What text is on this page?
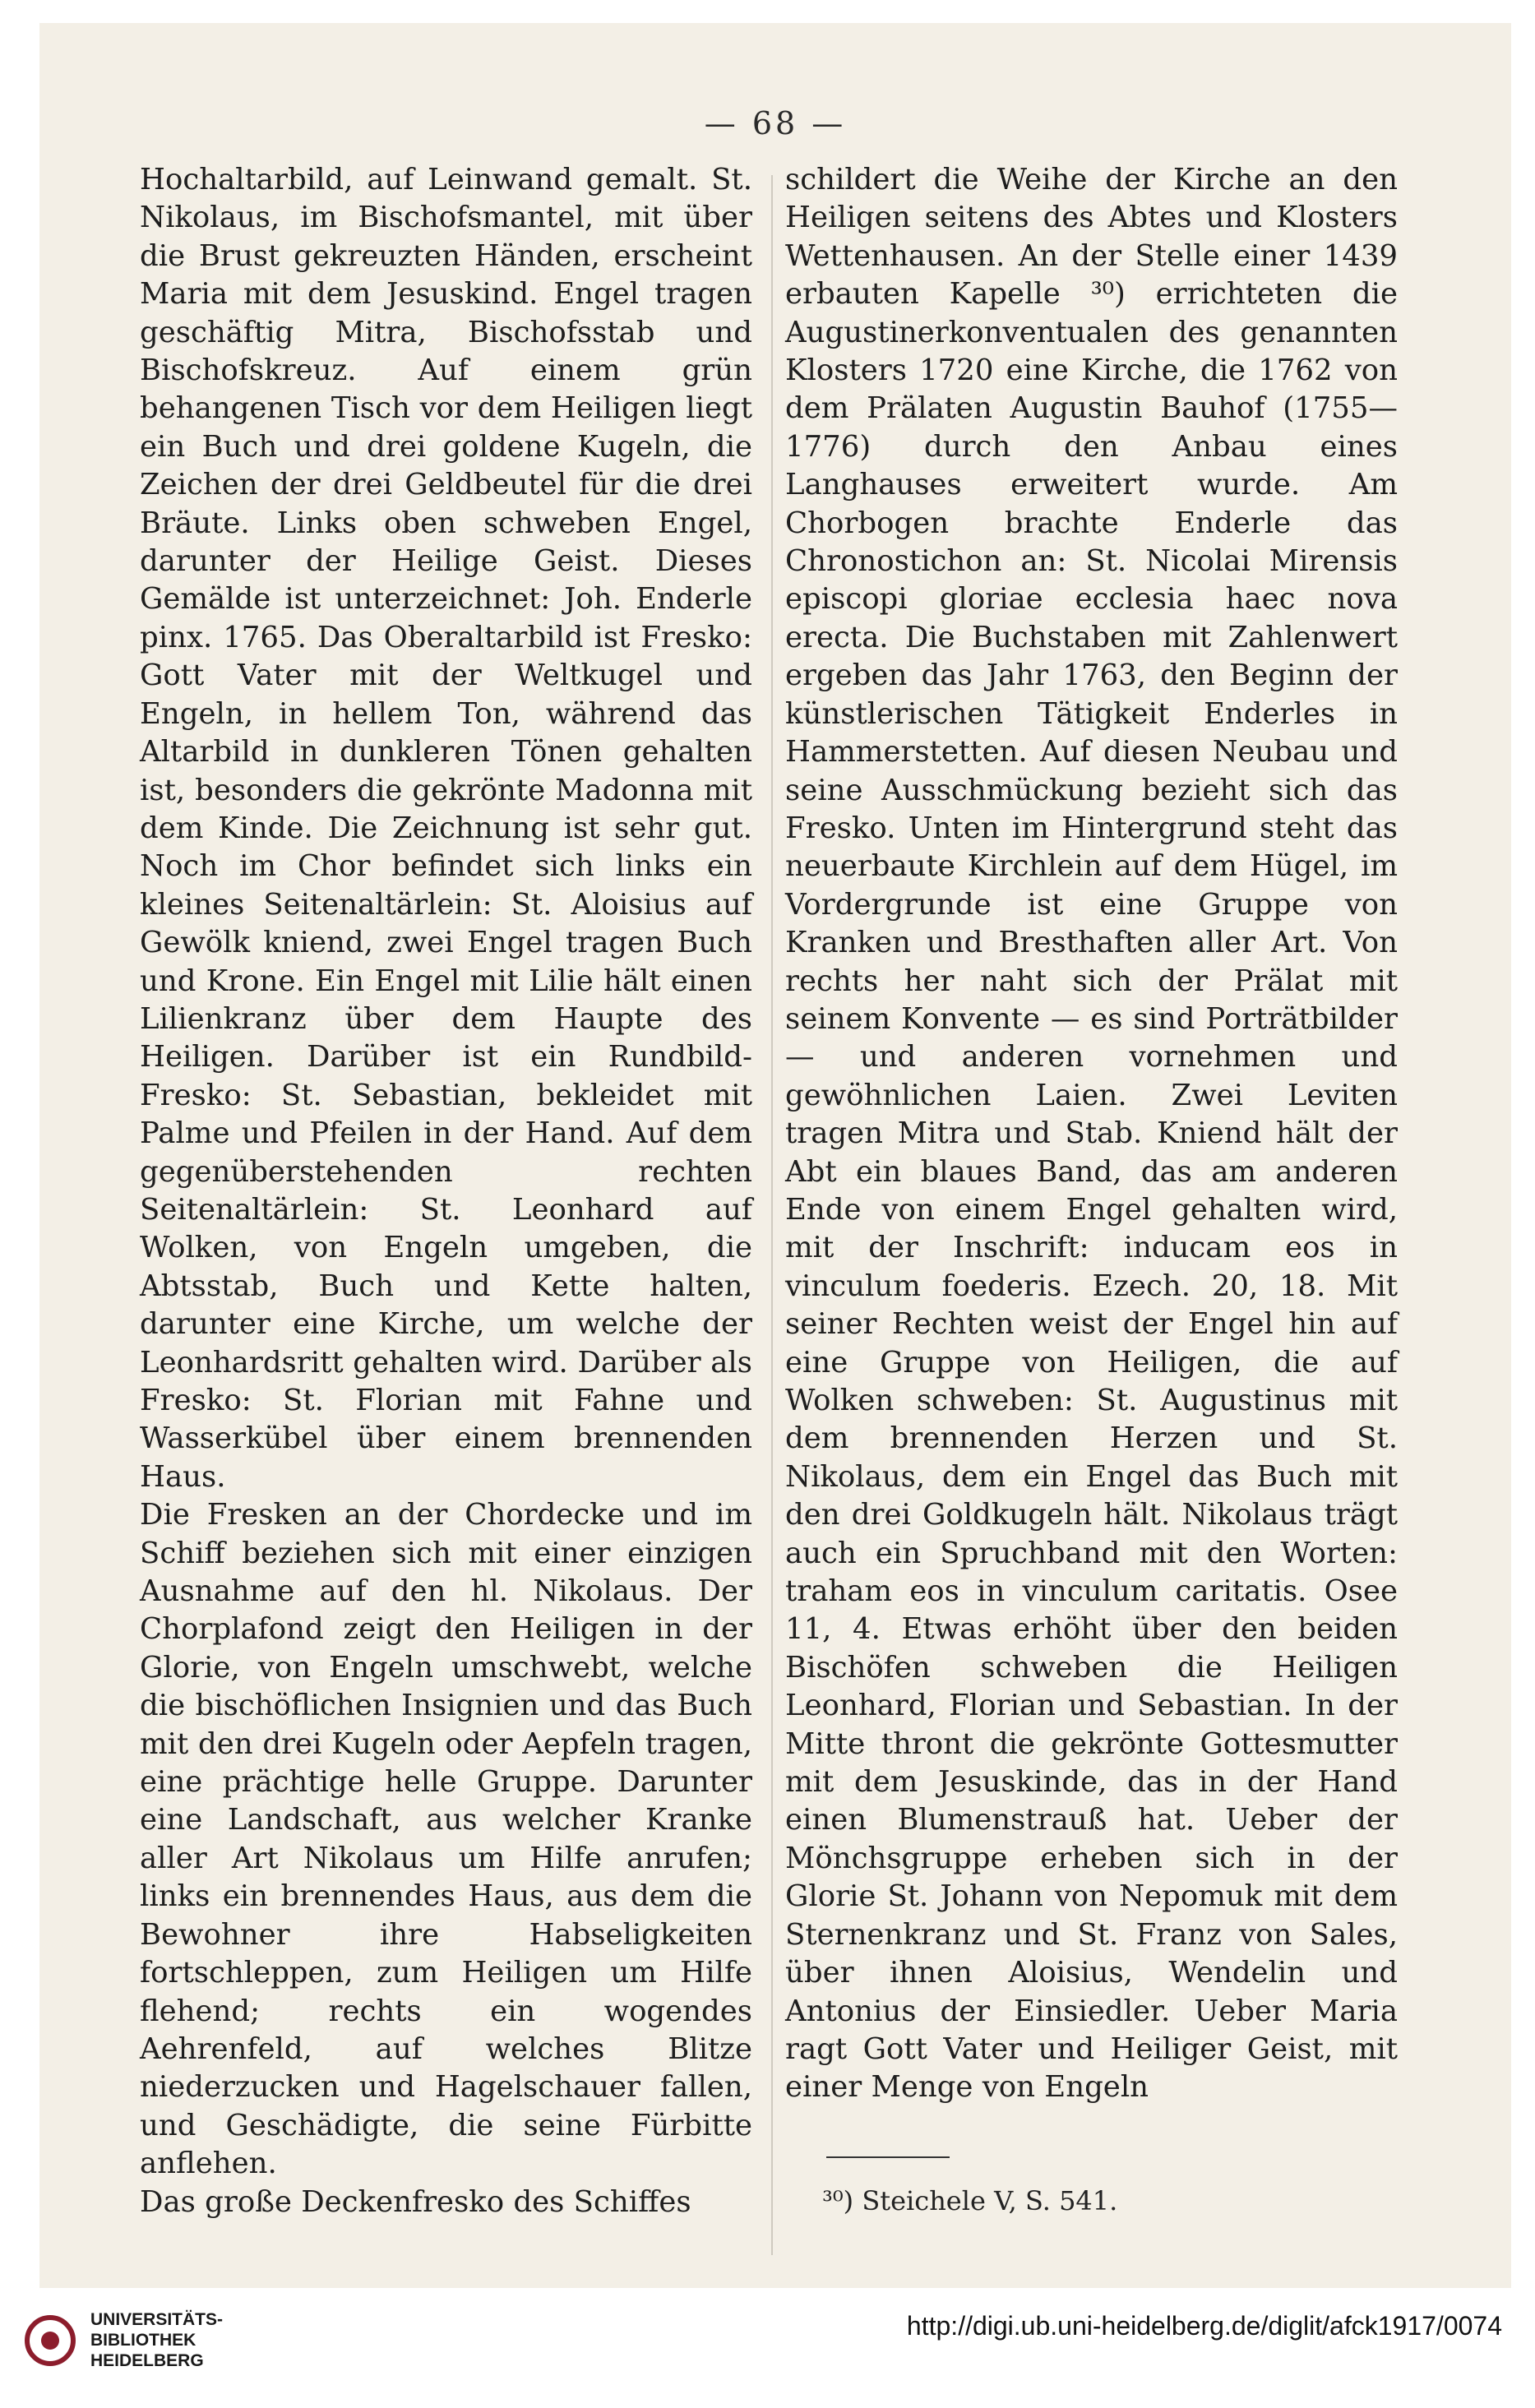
— 68 —

Hochaltarbild, auf Leinwand gemalt. St. Nikolaus, im Bischofsmantel, mit über die Brust gekreuzten Händen, erscheint Maria mit dem Jesuskind. Engel tragen geschäftig Mitra, Bischofsstab und Bischofskreuz. Auf einem grün behangenen Tisch vor dem Heiligen liegt ein Buch und drei goldene Kugeln, die Zeichen der drei Geldbeutel für die drei Bräute. Links oben schweben Engel, darunter der Heilige Geist. Dieses Gemälde ist unterzeichnet: Joh. Enderle pinx. 1765. Das Oberaltarbild ist Fresko: Gott Vater mit der Weltkugel und Engeln, in hellem Ton, während das Altarbild in dunkleren Tönen gehalten ist, besonders die gekrönte Madonna mit dem Kinde. Die Zeichnung ist sehr gut. Noch im Chor befindet sich links ein kleines Seitenaltärlein: St. Aloisius auf Gewölk kniend, zwei Engel tragen Buch und Krone. Ein Engel mit Lilie hält einen Lilienkranz über dem Haupte des Heiligen. Darüber ist ein Rundbild-Fresko: St. Sebastian, bekleidet mit Palme und Pfeilen in der Hand. Auf dem gegenüberstehenden rechten Seitenaltärlein: St. Leonhard auf Wolken, von Engeln umgeben, die Abtsstab, Buch und Kette halten, darunter eine Kirche, um welche der Leonhardsritt gehalten wird. Darüber als Fresko: St. Florian mit Fahne und Wasserkübel über einem brennenden Haus.

Die Fresken an der Chordecke und im Schiff beziehen sich mit einer einzigen Ausnahme auf den hl. Nikolaus. Der Chorplafond zeigt den Heiligen in der Glorie, von Engeln umschwebt, welche die bischöflichen Insignien und das Buch mit den drei Kugeln oder Aepfeln tragen, eine prächtige helle Gruppe. Darunter eine Landschaft, aus welcher Kranke aller Art Nikolaus um Hilfe anrufen; links ein brennendes Haus, aus dem die Bewohner ihre Habseligkeiten fortschleppen, zum Heiligen um Hilfe flehend; rechts ein wogendes Aehrenfeld, auf welches Blitze niederzucken und Hagelschauer fallen, und Geschädigte, die seine Fürbitte anflehen.

Das große Deckenfresko des Schiffes

schildert die Weihe der Kirche an den Heiligen seitens des Abtes und Klosters Wettenhausen. An der Stelle einer 1439 erbauten Kapelle ³⁰) errichteten die Augustinerkonventualen des genannten Klosters 1720 eine Kirche, die 1762 von dem Prälaten Augustin Bauhof (1755—1776) durch den Anbau eines Langhauses erweitert wurde. Am Chorbogen brachte Enderle das Chronostichon an: St. Nicolai Mirensis episcopi gloriae ecclesia haec nova erecta. Die Buchstaben mit Zahlenwert ergeben das Jahr 1763, den Beginn der künstlerischen Tätigkeit Enderles in Hammerstetten. Auf diesen Neubau und seine Ausschmückung bezieht sich das Fresko. Unten im Hintergrund steht das neuerbaute Kirchlein auf dem Hügel, im Vordergrunde ist eine Gruppe von Kranken und Bresthaften aller Art. Von rechts her naht sich der Prälat mit seinem Konvente — es sind Porträtbilder — und anderen vornehmen und gewöhnlichen Laien. Zwei Leviten tragen Mitra und Stab. Kniend hält der Abt ein blaues Band, das am anderen Ende von einem Engel gehalten wird, mit der Inschrift: inducam eos in vinculum foederis. Ezech. 20, 18. Mit seiner Rechten weist der Engel hin auf eine Gruppe von Heiligen, die auf Wolken schweben: St. Augustinus mit dem brennenden Herzen und St. Nikolaus, dem ein Engel das Buch mit den drei Goldkugeln hält. Nikolaus trägt auch ein Spruchband mit den Worten: traham eos in vinculum caritatis. Osee 11, 4. Etwas erhöht über den beiden Bischöfen schweben die Heiligen Leonhard, Florian und Sebastian. In der Mitte thront die gekrönte Gottesmutter mit dem Jesuskinde, das in der Hand einen Blumenstrauß hat. Ueber der Mönchsgruppe erheben sich in der Glorie St. Johann von Nepomuk mit dem Sternenkranz und St. Franz von Sales, über ihnen Aloisius, Wendelin und Antonius der Einsiedler. Ueber Maria ragt Gott Vater und Heiliger Geist, mit einer Menge von Engeln

³⁰) Steichele V, S. 541.
UNIVERSITÄTS-
BIBLIOTHEK
HEIDELBERG
http://digi.ub.uni-heidelberg.de/diglit/afck1917/0074
